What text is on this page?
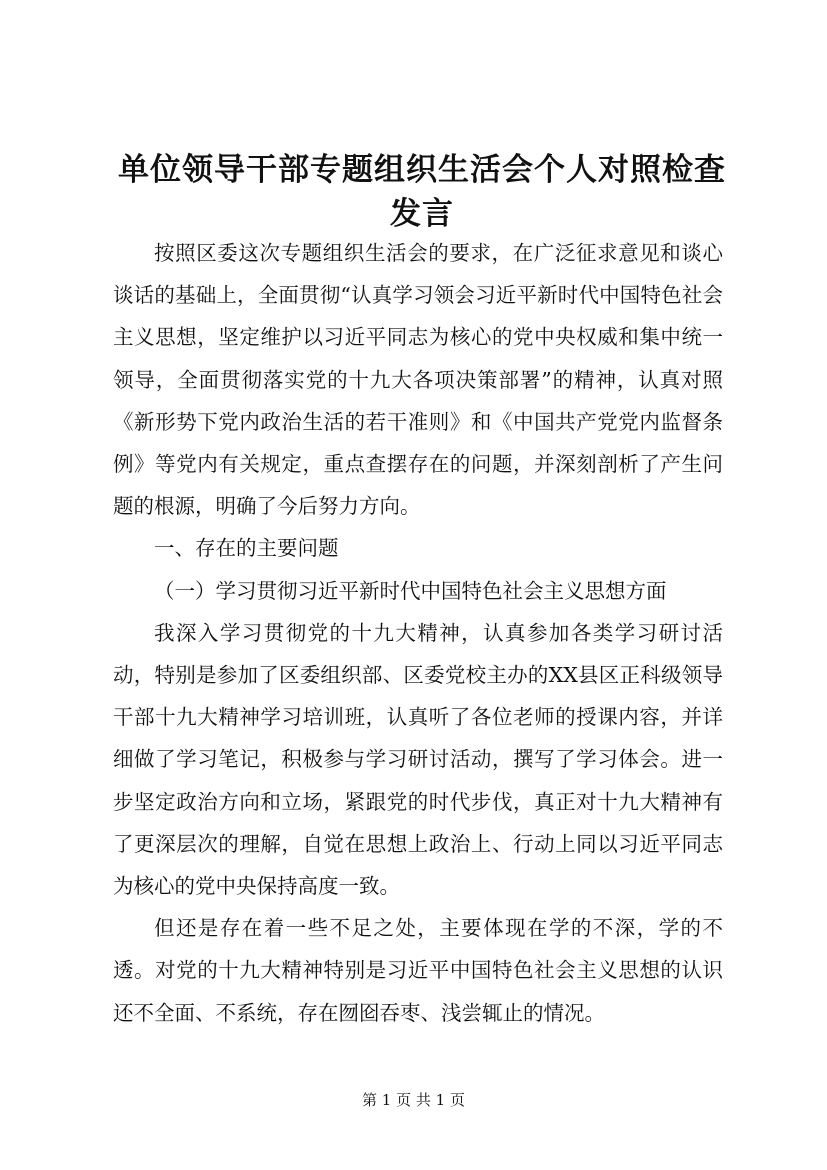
单位领导干部专题组织生活会个人对照检查发言

按照区委这次专题组织生活会的要求，在广泛征求意见和谈心谈话的基础上，全面贯彻“认真学习领会习近平新时代中国特色社会主义思想，坚定维护以习近平同志为核心的党中央权威和集中统一领导，全面贯彻落实党的十九大各项决策部署”的精神，认真对照《新形势下党内政治生活的若干准则》和《中国共产党党内监督条例》等党内有关规定，重点查摆存在的问题，并深刻剖析了产生问题的根源，明确了今后努力方向。

一、存在的主要问题

（一）学习贯彻习近平新时代中国特色社会主义思想方面

我深入学习贯彻党的十九大精神，认真参加各类学习研讨活动，特别是参加了区委组织部、区委党校主办的XX县区正科级领导干部十九大精神学习培训班，认真听了各位老师的授课内容，并详细做了学习笔记，积极参与学习研讨活动，撰写了学习体会。进一步坚定政治方向和立场，紧跟党的时代步伐，真正对十九大精神有了更深层次的理解，自觉在思想上政治上、行动上同以习近平同志为核心的党中央保持高度一致。

但还是存在着一些不足之处，主要体现在学的不深，学的不透。对党的十九大精神特别是习近平中国特色社会主义思想的认识还不全面、不系统，存在囫囵吞枣、浅尝辄止的情况。

第 1 页 共 1 页
